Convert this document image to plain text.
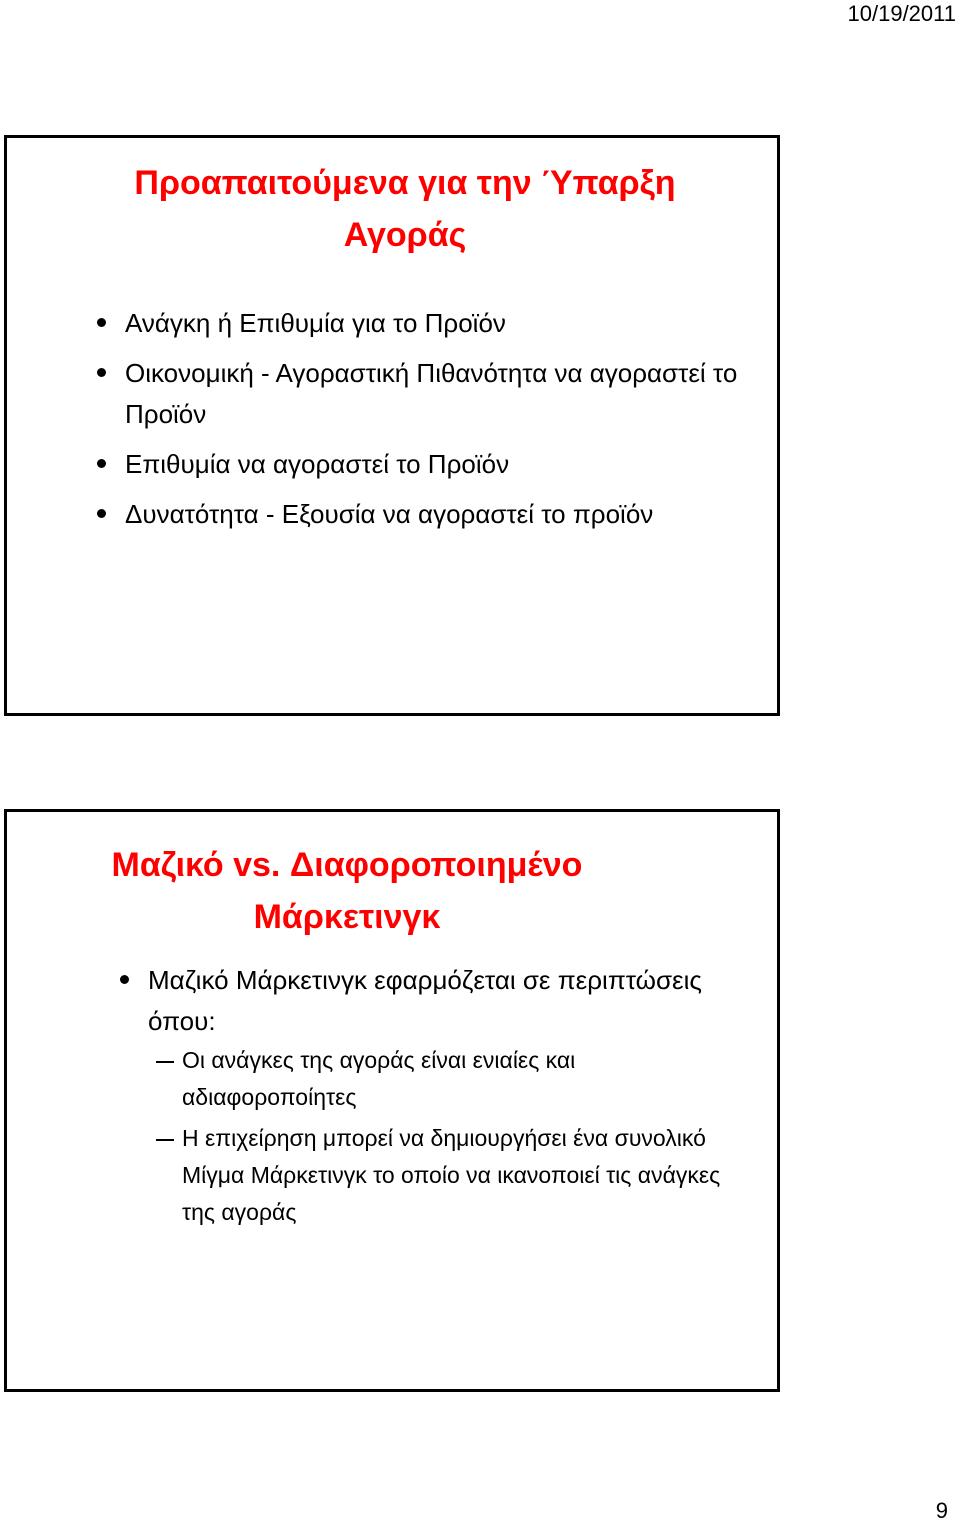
10/19/2011
Προαπαιτούμενα για την Ύπαρξη
Αγοράς
Ανάγκη ή Επιθυμία για το Προϊόν
Οικονομική - Αγοραστική Πιθανότητα να αγοραστεί το Προϊόν
Επιθυμία να αγοραστεί το Προϊόν
Δυνατότητα - Εξουσία να αγοραστεί το προϊόν
Μαζικό vs. Διαφοροποιημένο
Μάρκετινγκ
Μαζικό Μάρκετινγκ εφαρμόζεται σε περιπτώσεις όπου:
Οι ανάγκες της αγοράς είναι ενιαίες και αδιαφοροποίητες
Η επιχείρηση μπορεί να δημιουργήσει ένα συνολικό Μίγμα Μάρκετινγκ το οποίο να ικανοποιεί τις ανάγκες της αγοράς
9
